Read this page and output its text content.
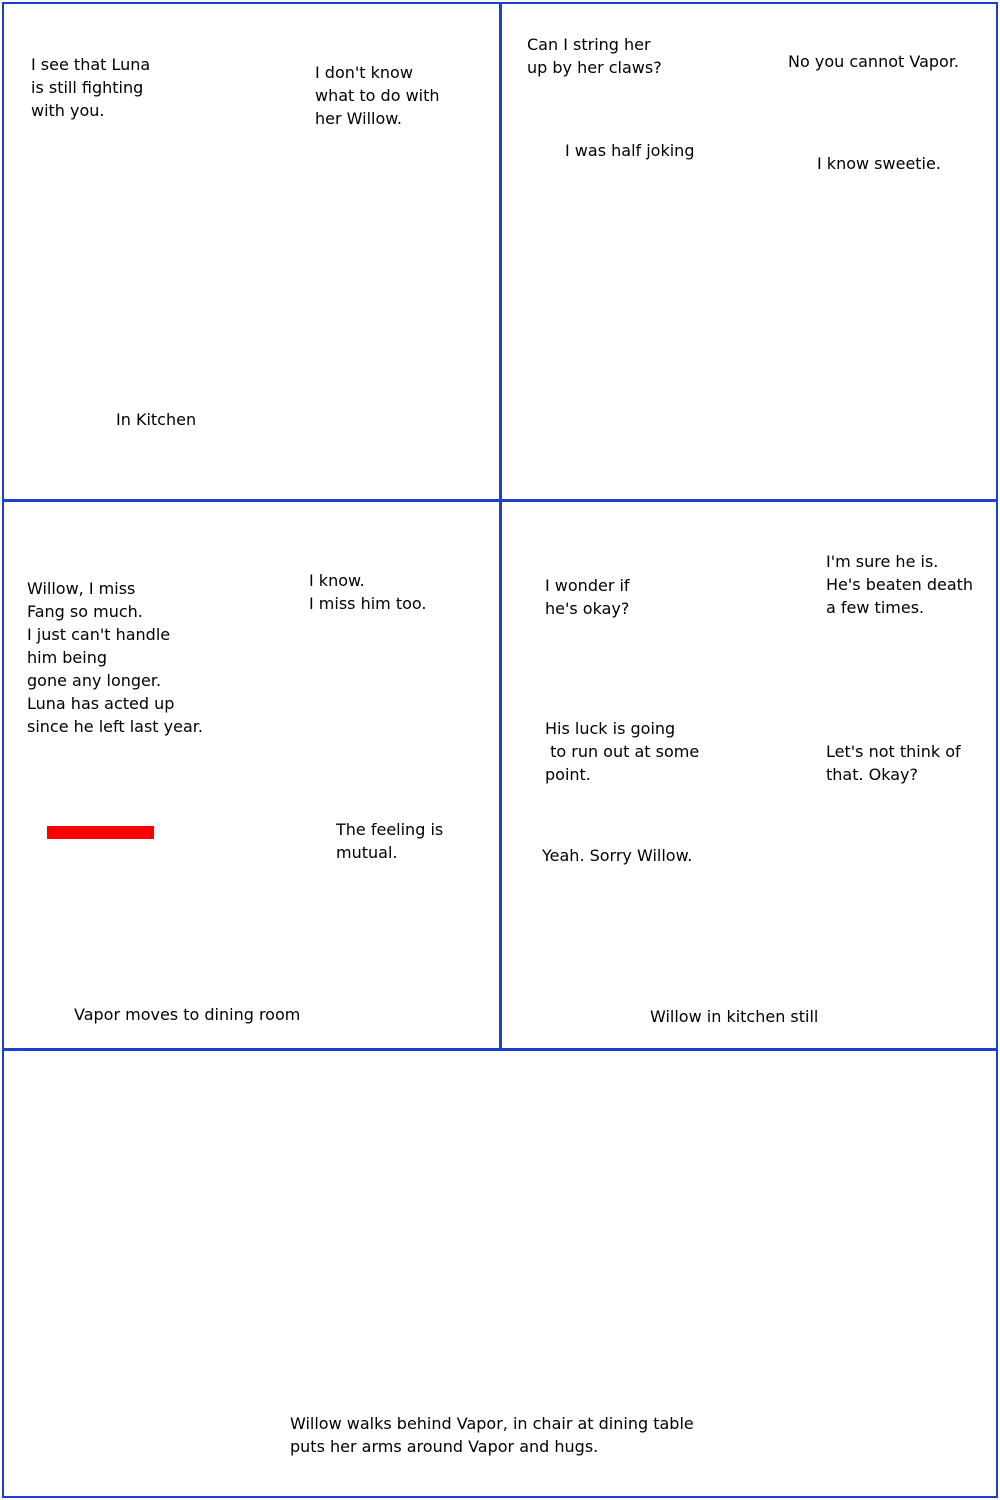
I see that Luna
is still fighting
with you.
I don't know
what to do with
her Willow.
In Kitchen
Can I string her
up by her claws?	No you cannot Vapor.
I was half joking
I know sweetie.
Willow, I miss
Fang so much.
I just can't handle
him being
gone any longer.
Luna has acted up
since he left last year.
I know.
I miss him too.
The feeling is
mutual.
Vapor moves to dining room
I wonder if
he's okay?
I'm sure he is.
He's beaten death
a few times.
His luck is going
to run out at some
point.
Let's not think of
that. Okay?
Yeah. Sorry Willow.
Willow in kitchen still
Willow walks behind Vapor, in chair at dining table
puts her arms around Vapor and hugs.
